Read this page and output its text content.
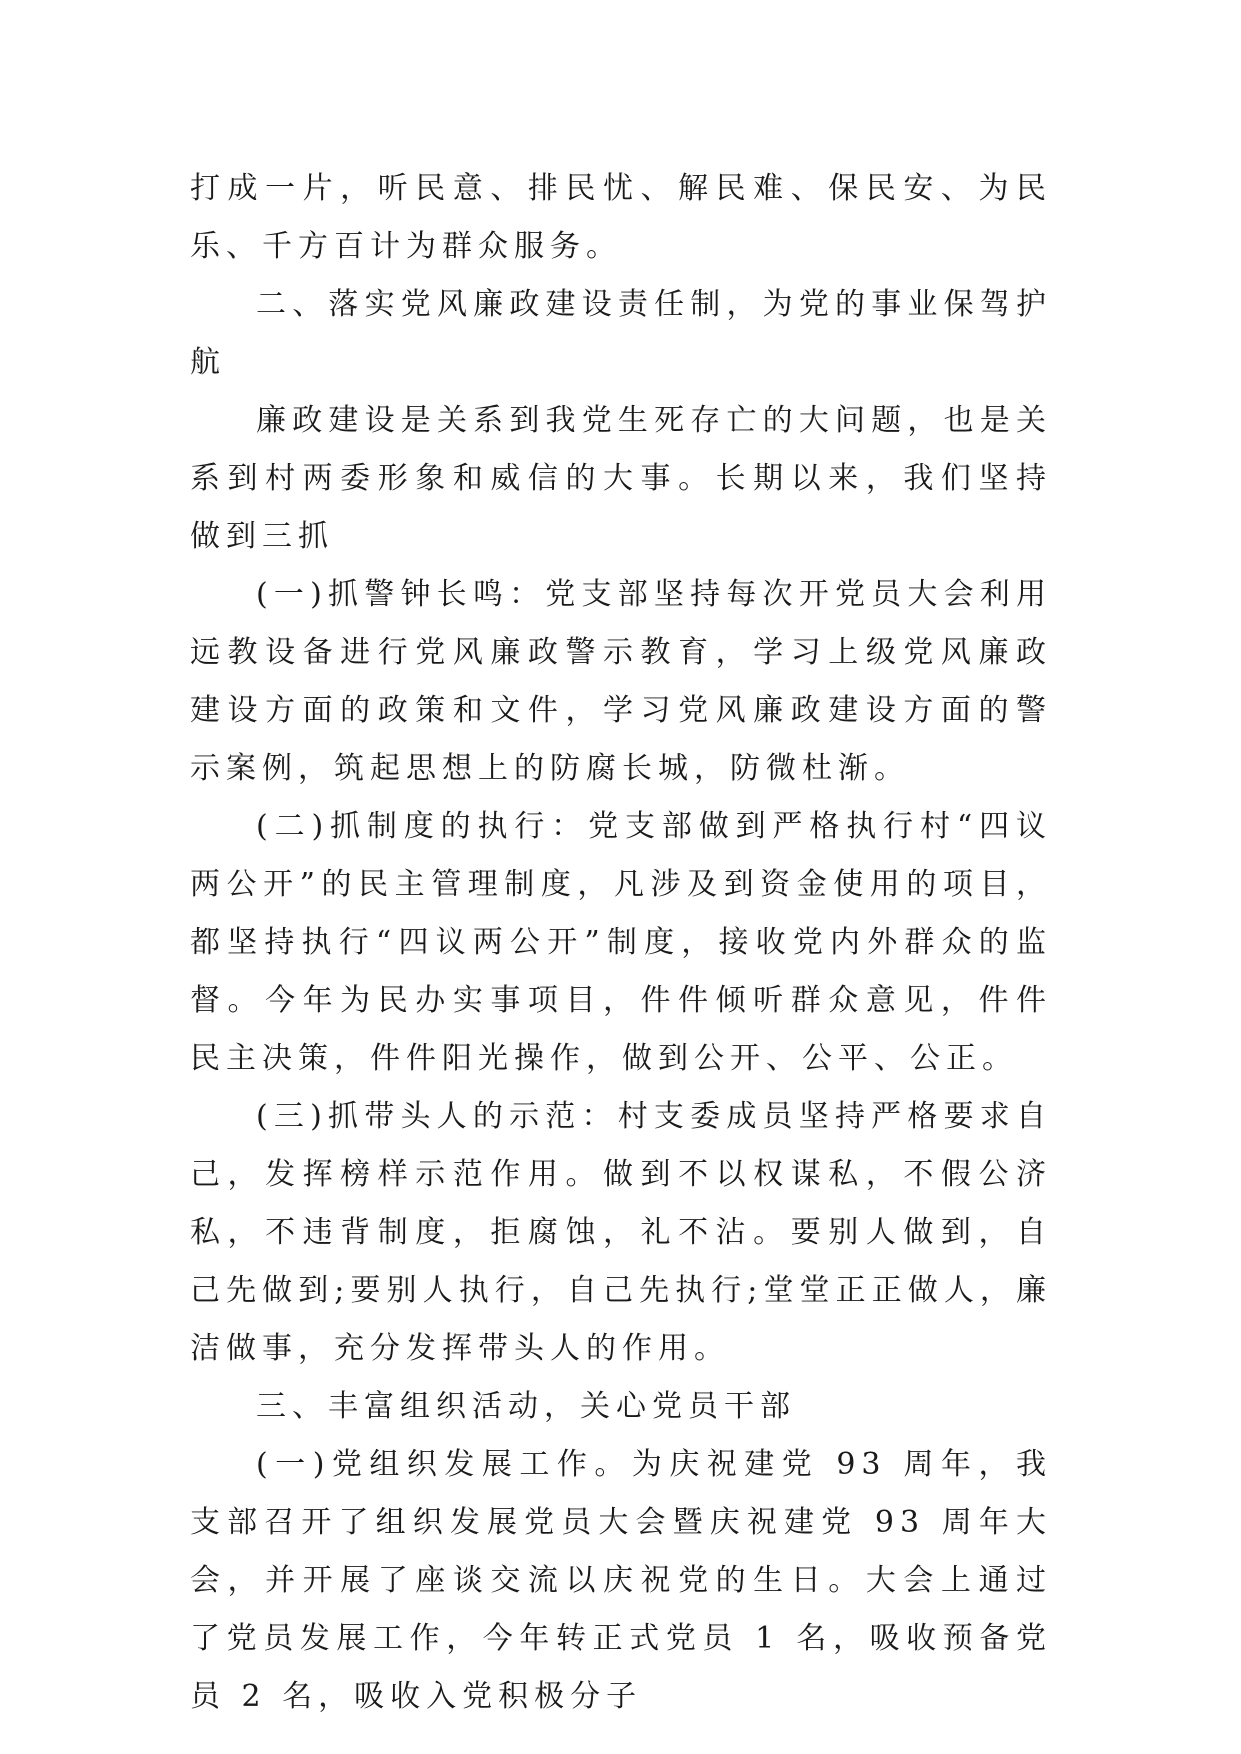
打成一片，听民意、排民忧、解民难、保民安、为民乐、千方百计为群众服务。

二、落实党风廉政建设责任制，为党的事业保驾护航

廉政建设是关系到我党生死存亡的大问题，也是关系到村两委形象和威信的大事。长期以来，我们坚持做到三抓

(一)抓警钟长鸣：党支部坚持每次开党员大会利用远教设备进行党风廉政警示教育，学习上级党风廉政建设方面的政策和文件，学习党风廉政建设方面的警示案例，筑起思想上的防腐长城，防微杜渐。

(二)抓制度的执行：党支部做到严格执行村“四议两公开”的民主管理制度，凡涉及到资金使用的项目，都坚持执行“四议两公开”制度，接收党内外群众的监督。今年为民办实事项目，件件倾听群众意见，件件民主决策，件件阳光操作，做到公开、公平、公正。

(三)抓带头人的示范：村支委成员坚持严格要求自己，发挥榜样示范作用。做到不以权谋私，不假公济私，不违背制度，拒腐蚀，礼不沾。要别人做到，自己先做到;要别人执行，自己先执行;堂堂正正做人，廉洁做事，充分发挥带头人的作用。

三、丰富组织活动，关心党员干部

(一)党组织发展工作。为庆祝建党 93 周年，我支部召开了组织发展党员大会暨庆祝建党 93 周年大会，并开展了座谈交流以庆祝党的生日。大会上通过了党员发展工作，今年转正式党员 1 名，吸收预备党员 2 名，吸收入党积极分子
